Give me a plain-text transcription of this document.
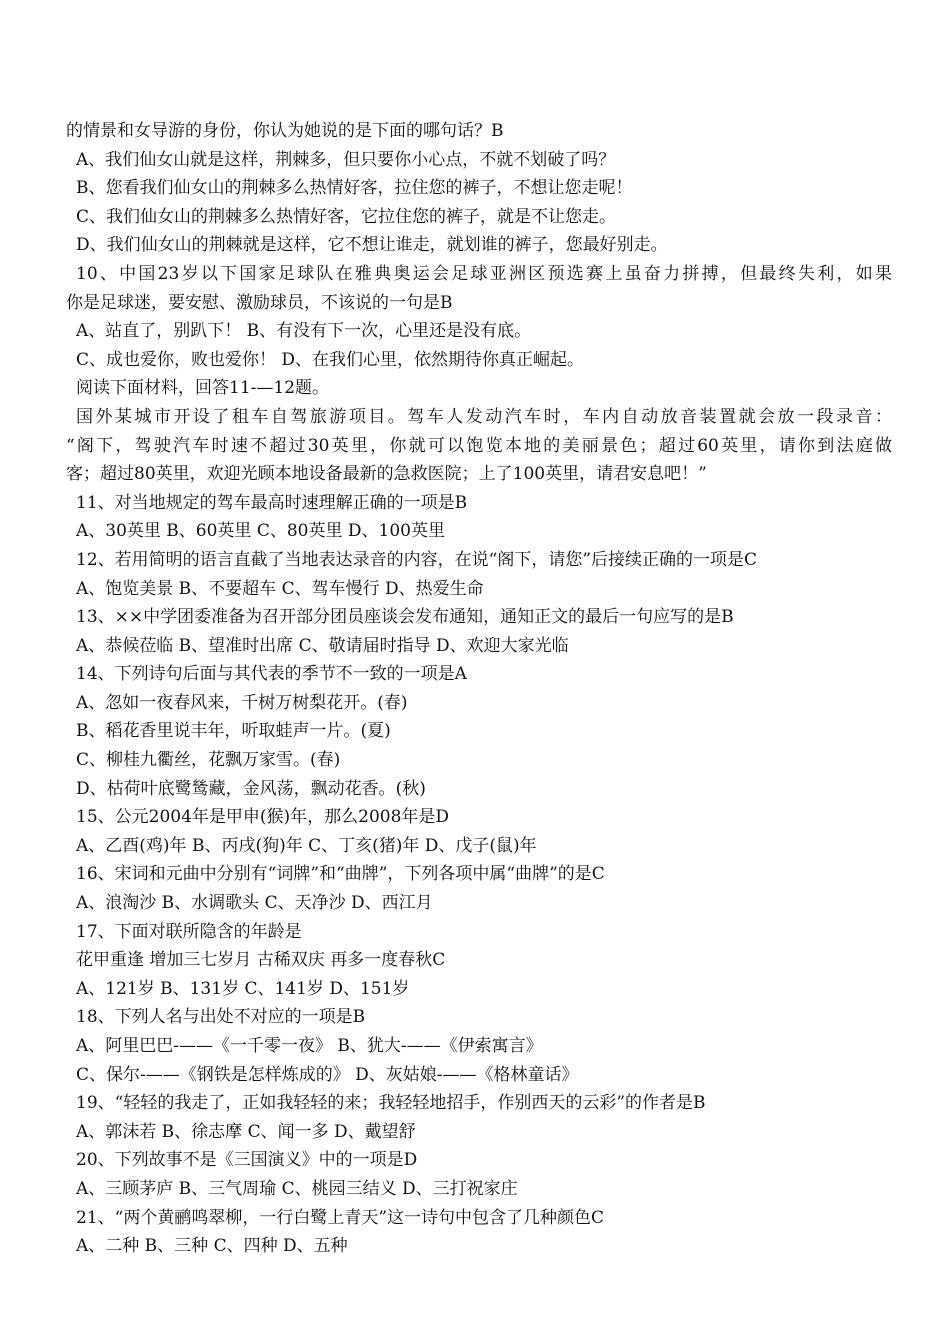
的情景和女导游的身份，你认为她说的是下面的哪句话？B
A、我们仙女山就是这样，荆棘多，但只要你小心点，不就不划破了吗？
B、您看我们仙女山的荆棘多么热情好客，拉住您的裤子，不想让您走呢！
C、我们仙女山的荆棘多么热情好客，它拉住您的裤子，就是不让您走。
D、我们仙女山的荆棘就是这样，它不想让谁走，就划谁的裤子，您最好别走。
10、中国23岁以下国家足球队在雅典奥运会足球亚洲区预选赛上虽奋力拼搏，但最终失利，如果
你是足球迷，要安慰、激励球员，不该说的一句是B
A、站直了，别趴下！ B、有没有下一次，心里还是没有底。
C、成也爱你，败也爱你！ D、在我们心里，依然期待你真正崛起。
阅读下面材料，回答11-—12题。
国外某城市开设了租车自驾旅游项目。驾车人发动汽车时，车内自动放音装置就会放一段录音：
“阁下，驾驶汽车时速不超过30英里，你就可以饱览本地的美丽景色；超过60英里，请你到法庭做
客；超过80英里，欢迎光顾本地设备最新的急救医院；上了100英里，请君安息吧！”
11、对当地规定的驾车最高时速理解正确的一项是B
A、30英里 B、60英里 C、80英里 D、100英里
12、若用简明的语言直截了当地表达录音的内容，在说“阁下，请您”后接续正确的一项是C
A、饱览美景 B、不要超车 C、驾车慢行 D、热爱生命
13、××中学团委准备为召开部分团员座谈会发布通知，通知正文的最后一句应写的是B
A、恭候莅临 B、望准时出席 C、敬请届时指导 D、欢迎大家光临
14、下列诗句后面与其代表的季节不一致的一项是A
A、忽如一夜春风来，千树万树梨花开。(春)
B、稻花香里说丰年，听取蛙声一片。(夏)
C、柳桂九衢丝，花飘万家雪。(春)
D、枯荷叶底鹭鸶藏，金风荡，飘动花香。(秋)
15、公元2004年是甲申(猴)年，那么2008年是D
A、乙酉(鸡)年 B、丙戌(狗)年 C、丁亥(猪)年 D、戊子(鼠)年
16、宋词和元曲中分别有“词牌”和“曲牌”，下列各项中属“曲牌”的是C
A、浪淘沙 B、水调歌头 C、天净沙 D、西江月
17、下面对联所隐含的年龄是
花甲重逢 增加三七岁月 古稀双庆 再多一度春秋C
A、121岁 B、131岁 C、141岁 D、151岁
18、下列人名与出处不对应的一项是B
A、阿里巴巴-——《一千零一夜》 B、犹大-——《伊索寓言》
C、保尔-——《钢铁是怎样炼成的》 D、灰姑娘-——《格林童话》
19、“轻轻的我走了，正如我轻轻的来；我轻轻地招手，作别西天的云彩”的作者是B
A、郭沫若 B、徐志摩 C、闻一多 D、戴望舒
20、下列故事不是《三国演义》中的一项是D
A、三顾茅庐 B、三气周瑜 C、桃园三结义 D、三打祝家庄
21、“两个黄鹂鸣翠柳，一行白鹭上青天”这一诗句中包含了几种颜色C
A、二种 B、三种 C、四种 D、五种
